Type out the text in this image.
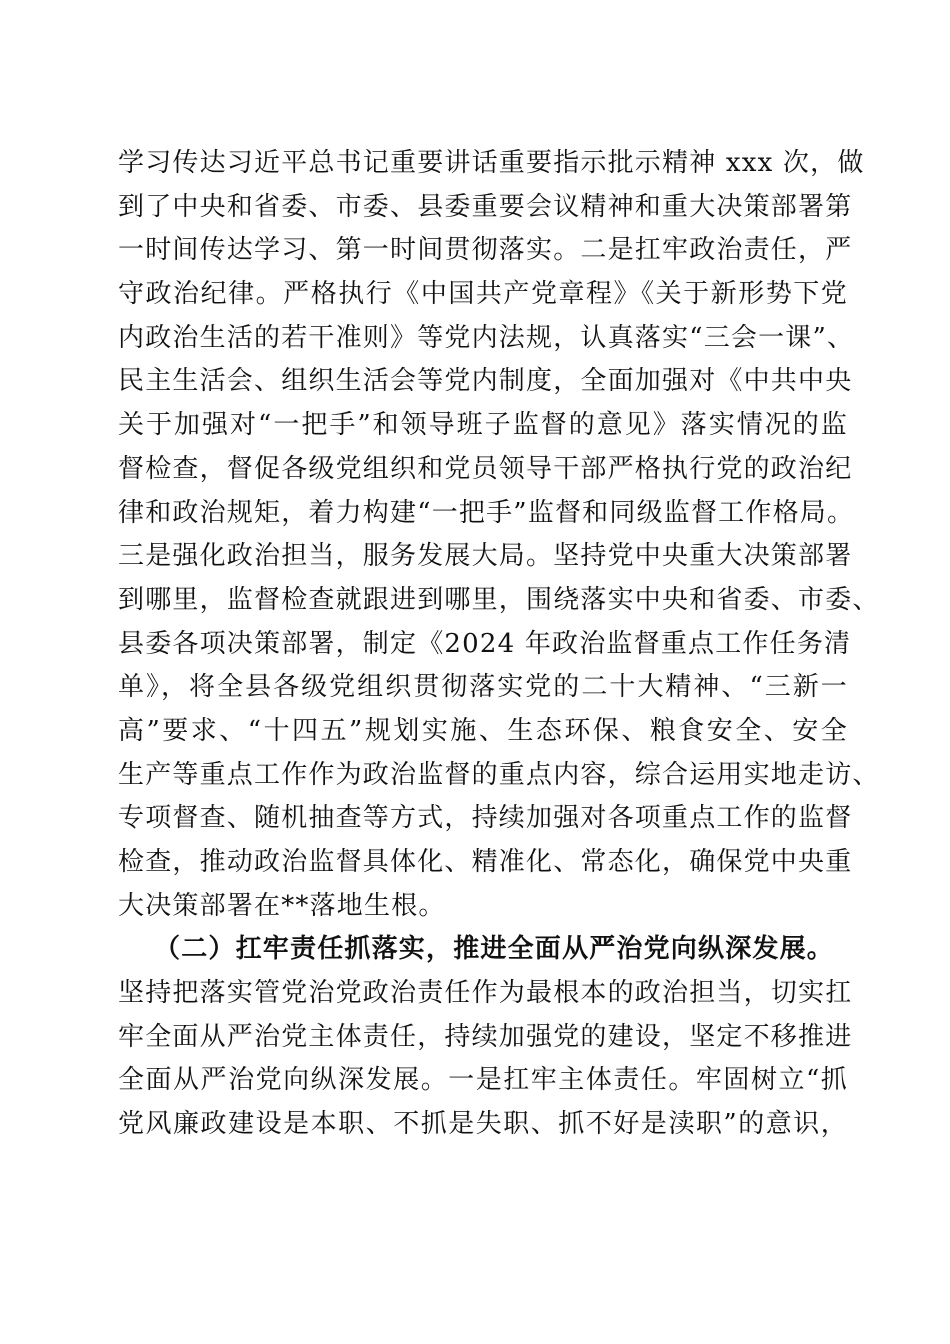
学习传达习近平总书记重要讲话重要指示批示精神 xxx 次，做
到了中央和省委、市委、县委重要会议精神和重大决策部署第
一时间传达学习、第一时间贯彻落实。二是扛牢政治责任，严
守政治纪律。严格执行《中国共产党章程》《关于新形势下党
内政治生活的若干准则》等党内法规，认真落实“三会一课”、
民主生活会、组织生活会等党内制度，全面加强对《中共中央
关于加强对“一把手”和领导班子监督的意见》落实情况的监
督检查，督促各级党组织和党员领导干部严格执行党的政治纪
律和政治规矩，着力构建“一把手”监督和同级监督工作格局。
三是强化政治担当，服务发展大局。坚持党中央重大决策部署
到哪里，监督检查就跟进到哪里，围绕落实中央和省委、市委、
县委各项决策部署，制定《2024 年政治监督重点工作任务清
单》，将全县各级党组织贯彻落实党的二十大精神、“三新一
高”要求、“十四五”规划实施、生态环保、粮食安全、安全
生产等重点工作作为政治监督的重点内容，综合运用实地走访、
专项督查、随机抽查等方式，持续加强对各项重点工作的监督
检查，推动政治监督具体化、精准化、常态化，确保党中央重
大决策部署在**落地生根。
（二）扛牢责任抓落实，推进全面从严治党向纵深发展。
坚持把落实管党治党政治责任作为最根本的政治担当，切实扛
牢全面从严治党主体责任，持续加强党的建设，坚定不移推进
全面从严治党向纵深发展。一是扛牢主体责任。牢固树立“抓
党风廉政建设是本职、不抓是失职、抓不好是渎职”的意识，
